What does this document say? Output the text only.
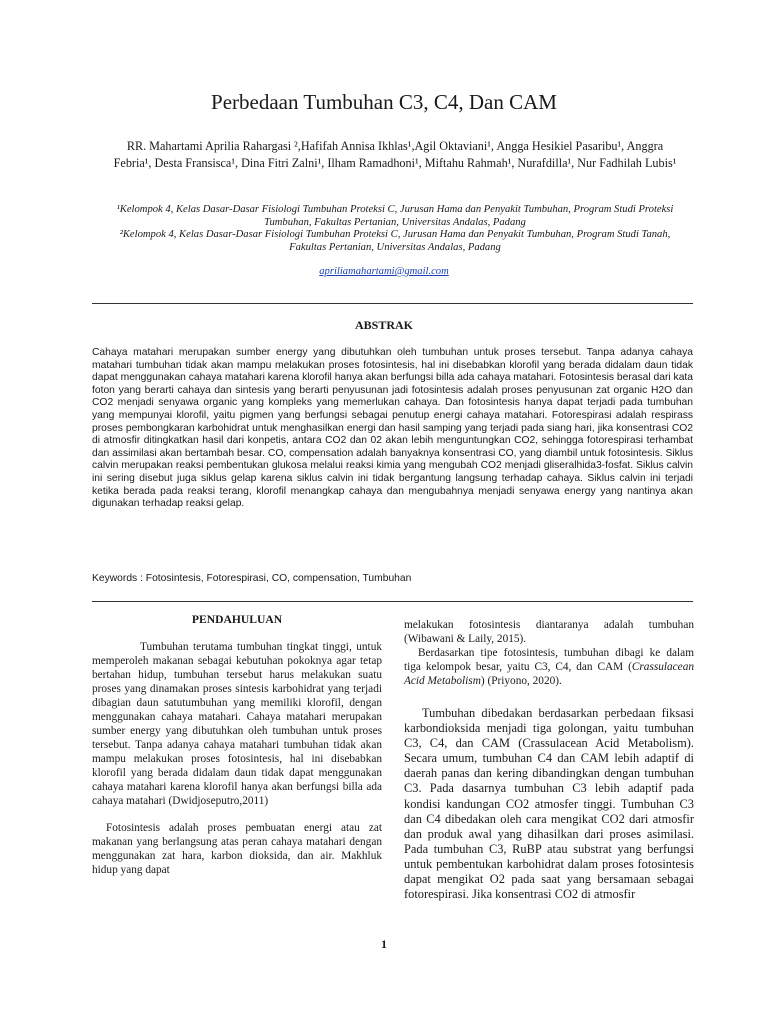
Perbedaan Tumbuhan C3, C4, Dan CAM
RR. Mahartami Aprilia Rahargasi ²,Hafifah Annisa Ikhlas¹,Agil Oktaviani¹, Angga Hesikiel Pasaribu¹, Anggra
Febria¹, Desta Fransisca¹, Dina Fitri Zalni¹, Ilham Ramadhoni¹, Miftahu Rahmah¹, Nurafdilla¹, Nur Fadhilah Lubis¹

¹Kelompok 4, Kelas Dasar-Dasar Fisiologi Tumbuhan Proteksi C, Jurusan Hama dan Penyakit Tumbuhan, Program Studi Proteksi Tumbuhan, Fakultas Pertanian, Universitas Andalas, Padang

²Kelompok 4, Kelas Dasar-Dasar Fisiologi Tumbuhan Proteksi C, Jurusan Hama dan Penyakit Tumbuhan, Program Studi Tanah, Fakultas Pertanian, Universitas Andalas, Padang

apriliamahartami@gmail.com
ABSTRAK

Cahaya matahari merupakan sumber energy yang dibutuhkan oleh tumbuhan untuk proses tersebut. Tanpa adanya cahaya matahari tumbuhan tidak akan mampu melakukan proses fotosintesis, hal ini disebabkan klorofil yang berada didalam daun tidak dapat menggunakan cahaya matahari karena klorofil hanya akan berfungsi billa ada cahaya matahari. Fotosintesis berasal dari kata foton yang berarti cahaya dan sintesis yang berarti penyusunan jadi fotosintesis adalah proses penyusunan zat organic H2O dan CO2 menjadi senyawa organic yang kompleks yang memerlukan cahaya. Dan fotosintesis hanya dapat terjadi pada tumbuhan yang mempunyai klorofil, yaitu pigmen yang berfungsi sebagai penutup energi cahaya matahari. Fotorespirasi adalah respirass proses pembongkaran karbohidrat untuk menghasilkan energi dan hasil samping yang terjadi pada siang hari, jika konsentrasi CO2 di atmosfir ditingkatkan hasil dari konpetis, antara CO2 dan 02 akan lebih menguntungkan CO2, sehingga fotorespirasi terhambat dan assimilasi akan bertambah besar. CO, compensation adalah banyaknya konsentrasi CO, yang diambil untuk fotosintesis. Siklus calvin merupakan reaksi pembentukan glukosa melalui reaksi kimia yang mengubah CO2 menjadi gliseralhida3-fosfat. Siklus calvin ini sering disebut juga siklus gelap karena siklus calvin ini tidak bergantung langsung terhadap cahaya. Siklus calvin ini terjadi ketika berada pada reaksi terang, klorofil menangkap cahaya dan mengubahnya menjadi senyawa energy yang nantinya akan digunakan terhadap reaksi gelap.

Keywords : Fotosintesis, Fotorespirasi, CO, compensation, Tumbuhan

PENDAHULUAN

Tumbuhan terutama tumbuhan tingkat tinggi, untuk memperoleh makanan sebagai kebutuhan pokoknya agar tetap bertahan hidup, tumbuhan tersebut harus melakukan suatu proses yang dinamakan proses sintesis karbohidrat yang terjadi dibagian daun satutumbuhan yang memiliki klorofil, dengan menggunakan cahaya matahari. Cahaya matahari merupakan sumber energy yang dibutuhkan oleh tumbuhan untuk proses tersebut. Tanpa adanya cahaya matahari tumbuhan tidak akan mampu melakukan proses fotosintesis, hal ini disebabkan klorofil yang berada didalam daun tidak dapat menggunakan cahaya matahari karena klorofil hanya akan berfungsi billa ada cahaya matahari (Dwidjoseputro,2011)

Fotosintesis adalah proses pembuatan energi atau zat makanan yang berlangsung atas peran cahaya matahari dengan menggunakan zat hara, karbon dioksida, dan air. Makhluk hidup yang dapat

melakukan fotosintesis diantaranya adalah tumbuhan (Wibawani & Laily, 2015).

Berdasarkan tipe fotosintesis, tumbuhan dibagi ke dalam tiga kelompok besar, yaitu C3, C4, dan CAM (Crassulacean Acid Metabolism) (Priyono, 2020).

Tumbuhan dibedakan berdasarkan perbedaan fiksasi karbondioksida menjadi tiga golongan, yaitu tumbuhan C3, C4, dan CAM (Crassulacean Acid Metabolism). Secara umum, tumbuhan C4 dan CAM lebih adaptif di daerah panas dan kering dibandingkan dengan tumbuhan C3. Pada dasarnya tumbuhan C3 lebih adaptif pada kondisi kandungan CO2 atmosfer tinggi. Tumbuhan C3 dan C4 dibedakan oleh cara mengikat CO2 dari atmosfir dan produk awal yang dihasilkan dari proses asimilasi. Pada tumbuhan C3, RuBP atau substrat yang berfungsi untuk pembentukan karbohidrat dalam proses fotosintesis dapat mengikat O2 pada saat yang bersamaan sebagai fotorespirasi. Jika konsentrasi CO2 di atmosfir

1
